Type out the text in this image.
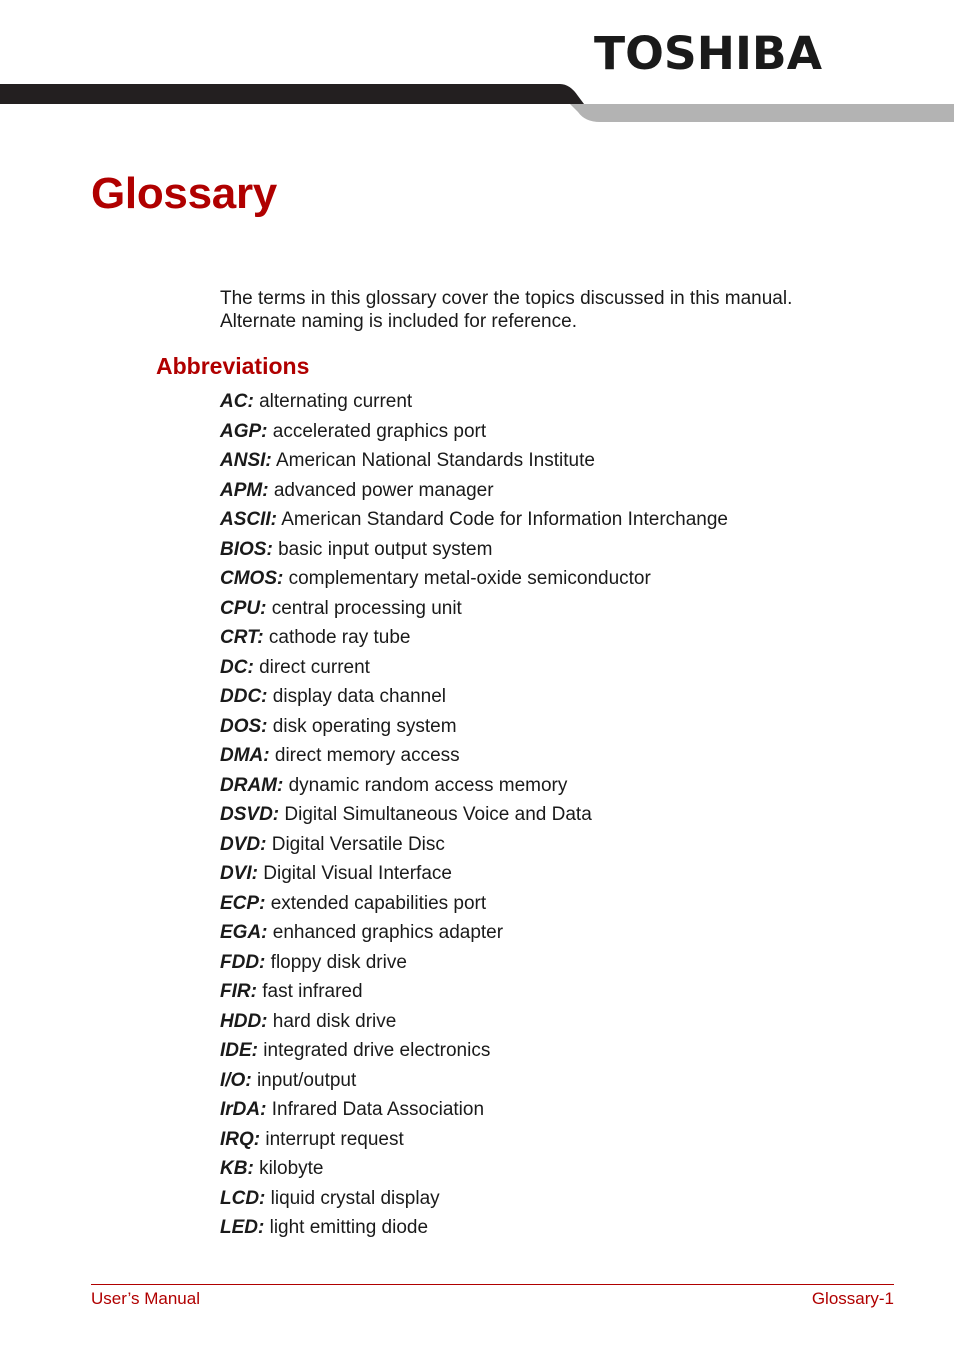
TOSHIBA
Glossary
The terms in this glossary cover the topics discussed in this manual.
Alternate naming is included for reference.
Abbreviations
AC: alternating current
AGP: accelerated graphics port
ANSI: American National Standards Institute
APM: advanced power manager
ASCII: American Standard Code for Information Interchange
BIOS: basic input output system
CMOS: complementary metal-oxide semiconductor
CPU: central processing unit
CRT: cathode ray tube
DC: direct current
DDC: display data channel
DOS: disk operating system
DMA: direct memory access
DRAM: dynamic random access memory
DSVD: Digital Simultaneous Voice and Data
DVD: Digital Versatile Disc
DVI: Digital Visual Interface
ECP: extended capabilities port
EGA: enhanced graphics adapter
FDD: floppy disk drive
FIR: fast infrared
HDD: hard disk drive
IDE: integrated drive electronics
I/O: input/output
IrDA: Infrared Data Association
IRQ: interrupt request
KB: kilobyte
LCD: liquid crystal display
LED: light emitting diode
User’s Manual	Glossary-1
